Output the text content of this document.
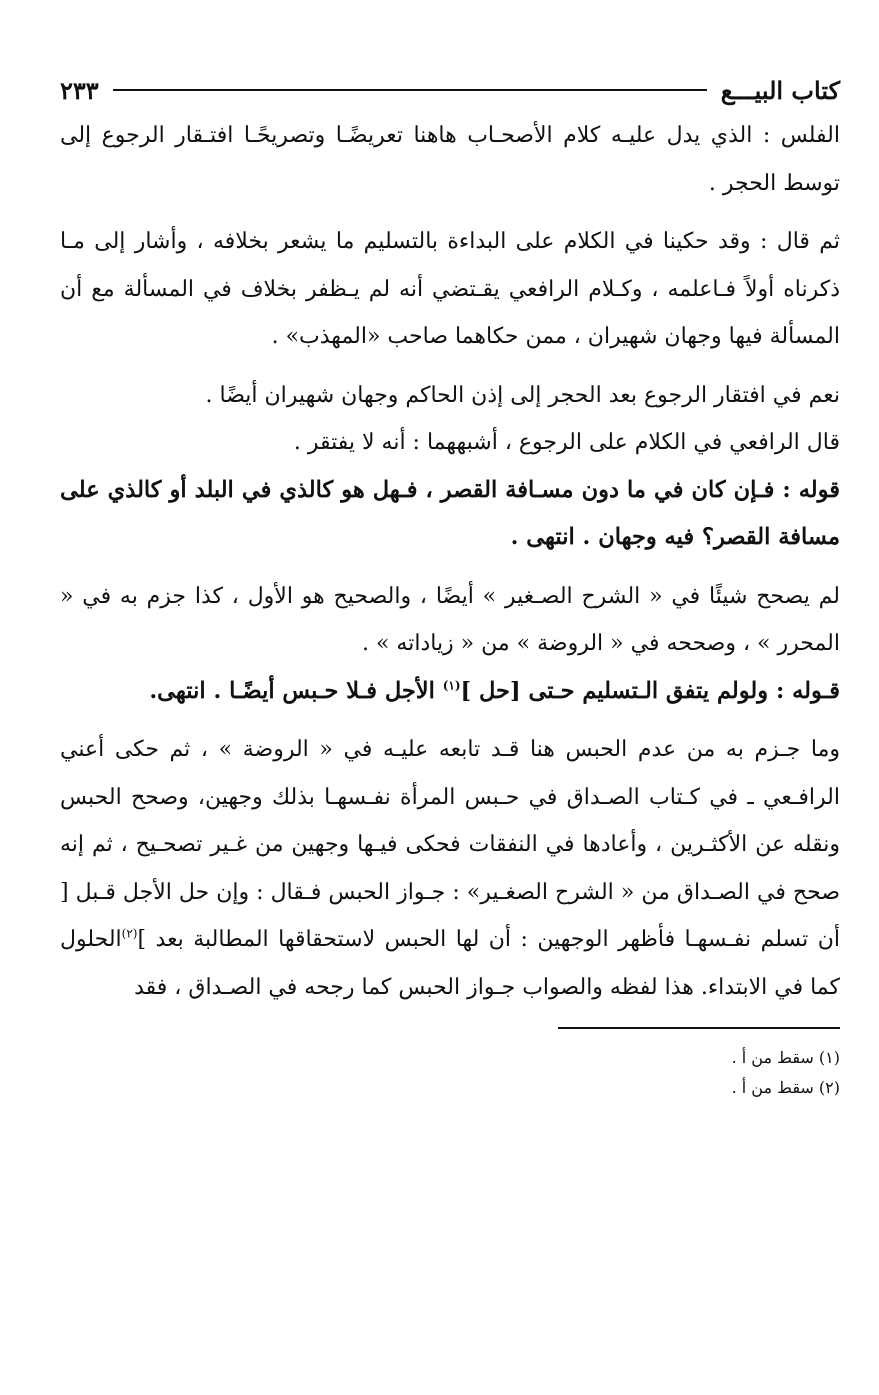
كتاب البيـــع
٢٣٣

الفلس : الذي يدل عليـه كلام الأصحـاب هاهنا تعريضًـا وتصريحًـا افتـقار الرجوع إلى توسط الحجر .

ثم قال : وقد حكينا في الكلام على البداءة بالتسليم ما يشعر بخلافه ، وأشار إلى مـا ذكرناه أولاً فـاعلمه ، وكـلام الرافعي يقـتضي أنه لم يـظفر بخلاف في المسألة مع أن المسألة فيها وجهان شهيران ، ممن حكاهما صاحب «المهذب» .

نعم في افتقار الرجوع بعد الحجر إلى إذن الحاكم وجهان شهيران أيضًا .

قال الرافعي في الكلام على الرجوع ، أشبههما : أنه لا يفتقر .

قوله : فـإن كان في ما دون مسـافة القصر ، فـهل هو كالذي في البلد أو كالذي على مسافة القصر؟ فيه وجهان . انتهى .

لم يصحح شيئًا في « الشرح الصـغير » أيضًا ، والصحيح هو الأول ، كذا جزم به في « المحرر » ، وصححه في « الروضة » من « زياداته » .

قـوله : ولولم يتفق الـتسليم حـتى [حل ]$^{(١)}$ الأجل فـلا حـبس أيضًـا . انتهى.

وما جـزم به من عدم الحبس هنا قـد تابعه عليـه في « الروضة » ، ثم حكى أعني الرافـعي ـ في كـتاب الصـداق في حـبس المرأة نفـسهـا بذلك وجهين، وصحح الحبس ونقله عن الأكثـرين ، وأعادها في النفقات فحكى فيـها وجهين من غـير تصحـيح ، ثم إنه صحح في الصـداق من « الشرح الصغـير» : جـواز الحبس فـقال : وإن حل الأجل قـبل [ أن تسلم نفـسهـا فأظهر الوجهين : أن لها الحبس لاستحقاقها المطالبة بعد ]$^{(٢)}$الحلول كما في الابتداء. هذا لفظه والصواب جـواز الحبس كما رجحه في الصـداق ، فقد

(١) سقط من أ .

(٢) سقط من أ .
